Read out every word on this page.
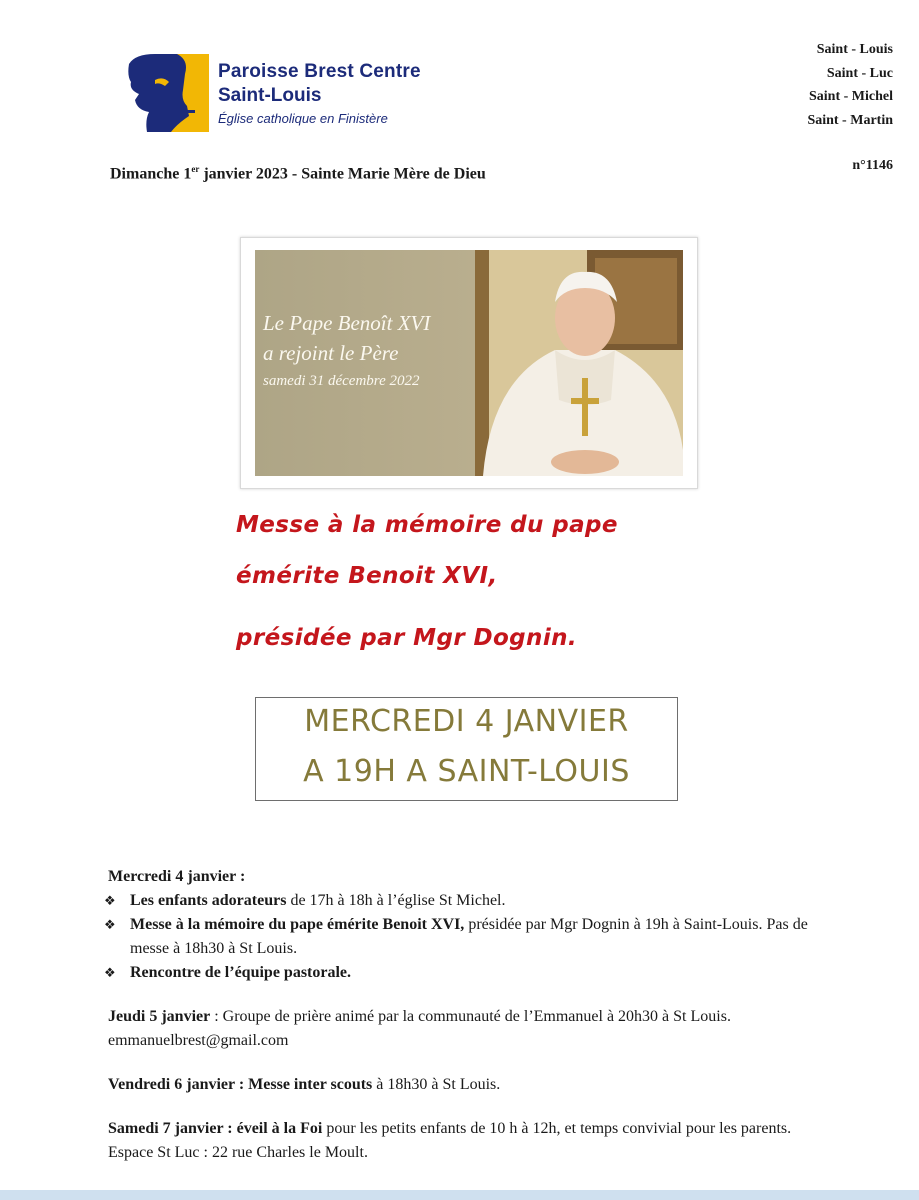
Paroisse Brest Centre
Saint-Louis
Église catholique en Finistère
Saint - Louis
Saint - Luc
Saint - Michel
Saint - Martin
n°1146
Dimanche 1er janvier 2023 - Sainte Marie Mère de Dieu
Le Pape Benoît XVI
a rejoint le Père
samedi 31 décembre 2022
Messe à la mémoire du pape
émérite Benoit XVI,
présidée par Mgr Dognin.
MERCREDI 4 JANVIER
A 19H A SAINT-LOUIS

Mercredi 4 janvier :

❖ Les enfants adorateurs de 17h à 18h à l’église St Michel.
❖ Messe à la mémoire du pape émérite Benoit XVI, présidée par Mgr Dognin à 19h à Saint-Louis. Pas de messe à 18h30 à St Louis.
❖ Rencontre de l’équipe pastorale.

Jeudi 5 janvier : Groupe de prière animé par la communauté de l’Emmanuel à 20h30 à St Louis. emmanuelbrest@gmail.com

Vendredi 6 janvier : Messe inter scouts à 18h30 à St Louis.

Samedi 7 janvier : éveil à la Foi pour les petits enfants de 10 h à 12h, et temps convivial pour les parents. Espace St Luc : 22 rue Charles le Moult.
